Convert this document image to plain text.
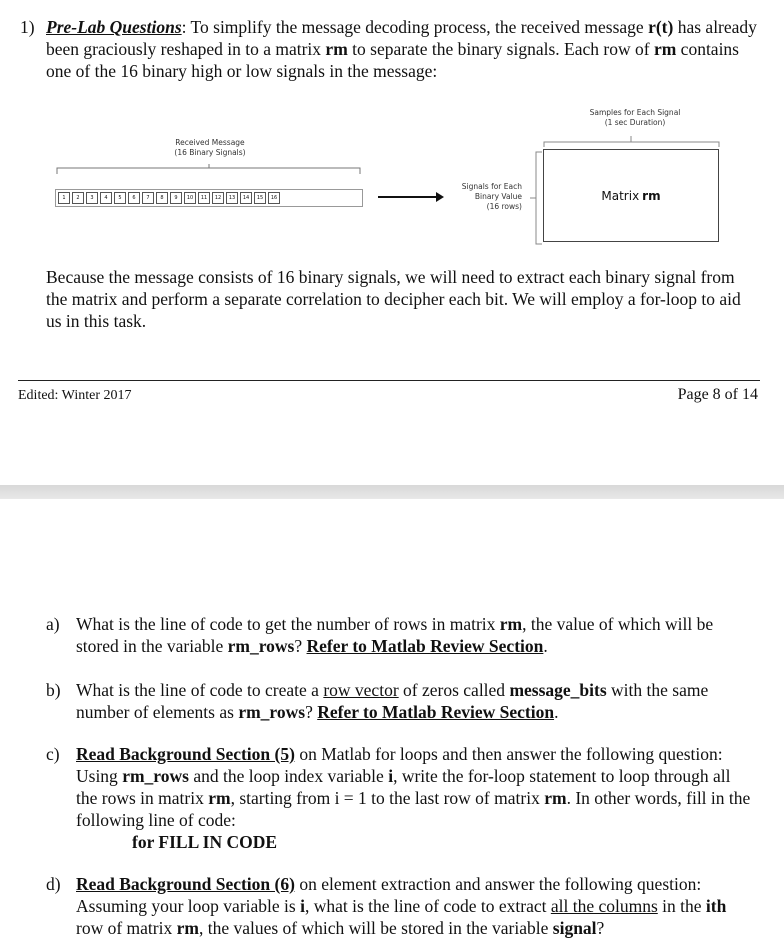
1) Pre-Lab Questions: To simplify the message decoding process, the received message r(t) has already been graciously reshaped in to a matrix rm to separate the binary signals. Each row of rm contains one of the 16 binary high or low signals in the message:
Received Message
(16 Binary Signals)
1	2	3	4	5	6	7	8	9	10	11	12	13	14	15	16
Signals for Each
Binary Value
(16 rows)
Samples for Each Signal
(1 sec Duration)
Matrix rm
Because the message consists of 16 binary signals, we will need to extract each binary signal from the matrix and perform a separate correlation to decipher each bit. We will employ a for-loop to aid us in this task.
Edited: Winter 2017	Page 8 of 14
a) What is the line of code to get the number of rows in matrix rm, the value of which will be stored in the variable rm_rows? Refer to Matlab Review Section.
b) What is the line of code to create a row vector of zeros called message_bits with the same number of elements as rm_rows? Refer to Matlab Review Section.
c) Read Background Section (5) on Matlab for loops and then answer the following question: Using rm_rows and the loop index variable i, write the for-loop statement to loop through all the rows in matrix rm, starting from i = 1 to the last row of matrix rm. In other words, fill in the following line of code:
for FILL IN CODE
d) Read Background Section (6) on element extraction and answer the following question: Assuming your loop variable is i, what is the line of code to extract all the columns in the ith row of matrix rm, the values of which will be stored in the variable signal?
